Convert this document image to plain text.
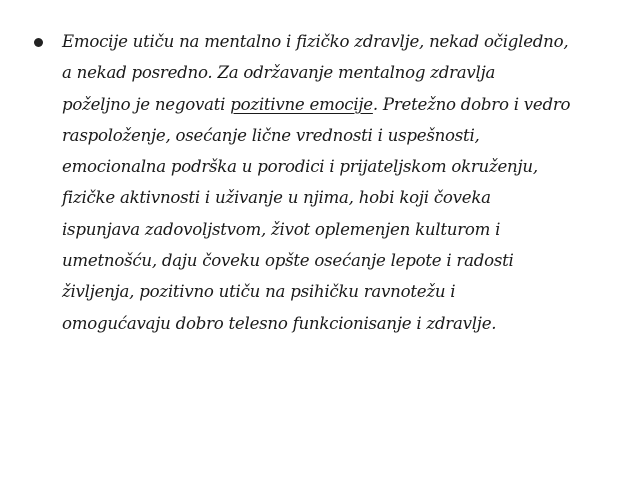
Emocije utiču na mentalno i fizičko zdravlje, nekad očigledno,
a nekad posredno. Za održavanje mentalnog zdravlja
poželjno je negovati pozitivne emocije. Pretežno dobro i vedro
raspoloženje, osećanje lične vrednosti i uspešnosti,
emocionalna podrška u porodici i prijateljskom okruženju,
fizičke aktivnosti i uživanje u njima, hobi koji čoveka
ispunjava zadovoljstvom, život oplemenjen kulturom i
umetnošću, daju čoveku opšte osećanje lepote i radosti
življenja, pozitivno utiču na psihičku ravnotežu i
omogućavaju dobro telesno funkcionisanje i zdravlje.
